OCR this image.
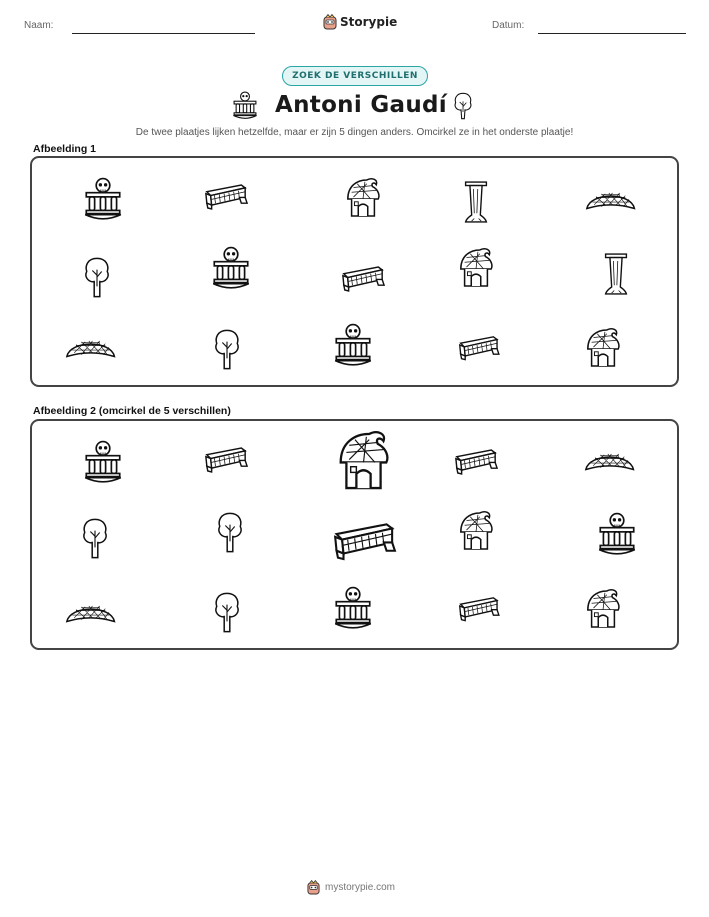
Naam:	Storypie	Datum:
ZOEK DE VERSCHILLEN
Antoni Gaudí
De twee plaatjes lijken hetzelfde, maar er zijn 5 dingen anders. Omcirkel ze in het onderste plaatje!
Afbeelding 1
Afbeelding 2 (omcirkel de 5 verschillen)
mystorypie.com
